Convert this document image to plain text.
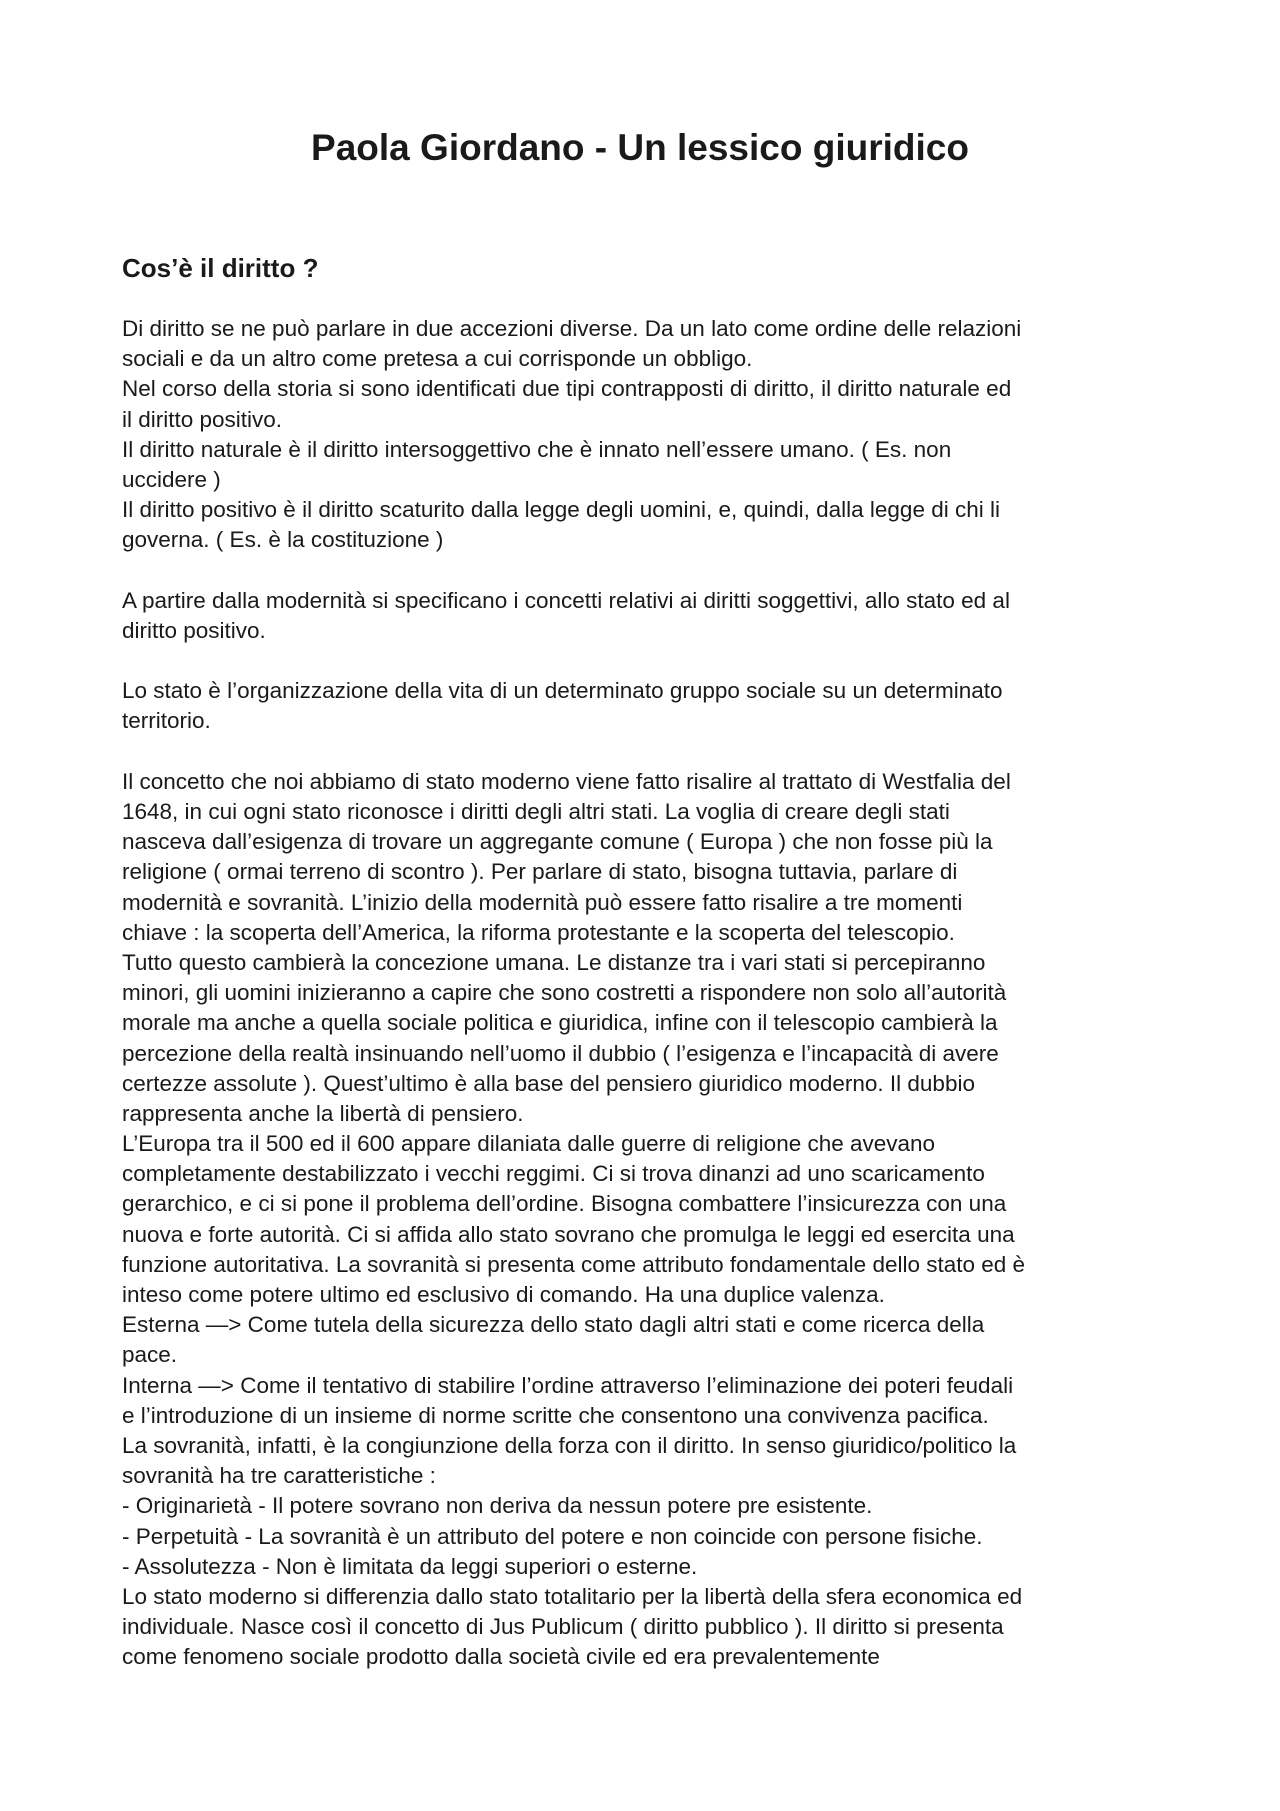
Paola Giordano - Un lessico giuridico
Cos’è il diritto ?
Di diritto se ne può parlare in due accezioni diverse. Da un lato come ordine delle relazioni
sociali e da un altro come pretesa a cui corrisponde un obbligo.
Nel corso della storia si sono identificati due tipi contrapposti di diritto, il diritto naturale ed
il diritto positivo.
Il diritto naturale è il diritto intersoggettivo che è innato nell’essere umano. ( Es. non
uccidere )
Il diritto positivo è il diritto scaturito dalla legge degli uomini, e, quindi, dalla legge di chi li
governa. ( Es. è la costituzione )
A partire dalla modernità si specificano i concetti relativi ai diritti soggettivi, allo stato ed al
diritto positivo.
Lo stato è l’organizzazione della vita di un determinato gruppo sociale su un determinato
territorio.
Il concetto che noi abbiamo di stato moderno viene fatto risalire al trattato di Westfalia del
1648, in cui ogni stato riconosce i diritti degli altri stati. La voglia di creare degli stati
nasceva dall’esigenza di trovare un aggregante comune ( Europa ) che non fosse più la
religione ( ormai terreno di scontro ). Per parlare di stato, bisogna tuttavia, parlare di
modernità e sovranità. L’inizio della modernità può essere fatto risalire a tre momenti
chiave : la scoperta dell’America, la riforma protestante e la scoperta del telescopio.
Tutto questo cambierà la concezione umana. Le distanze tra i vari stati si percepiranno
minori, gli uomini inizieranno a capire che sono costretti a rispondere non solo all’autorità
morale ma anche a quella sociale politica e giuridica, infine con il telescopio cambierà la
percezione della realtà insinuando nell’uomo il dubbio ( l’esigenza e l’incapacità di avere
certezze assolute ). Quest’ultimo è alla base del pensiero giuridico moderno. Il dubbio
rappresenta anche la libertà di pensiero.
L’Europa tra il 500 ed il 600 appare dilaniata dalle guerre di religione che avevano
completamente destabilizzato i vecchi reggimi. Ci si trova dinanzi ad uno scaricamento
gerarchico, e ci si pone il problema dell’ordine. Bisogna combattere l’insicurezza con una
nuova e forte autorità. Ci si affida allo stato sovrano che promulga le leggi ed esercita una
funzione autoritativa. La sovranità si presenta come attributo fondamentale dello stato ed è
inteso come potere ultimo ed esclusivo di comando. Ha una duplice valenza.
Esterna —> Come tutela della sicurezza dello stato dagli altri stati e come ricerca della
pace.
Interna —> Come il tentativo di stabilire l’ordine attraverso l’eliminazione dei poteri feudali
e l’introduzione di un insieme di norme scritte che consentono una convivenza pacifica.
La sovranità, infatti, è la congiunzione della forza con il diritto. In senso giuridico/politico la
sovranità ha tre caratteristiche :
- Originarietà - Il potere sovrano non deriva da nessun potere pre esistente.
- Perpetuità - La sovranità è un attributo del potere e non coincide con persone fisiche.
- Assolutezza - Non è limitata da leggi superiori o esterne.
Lo stato moderno si differenzia dallo stato totalitario per la libertà della sfera economica ed
individuale. Nasce così il concetto di Jus Publicum ( diritto pubblico ). Il diritto si presenta
come fenomeno sociale prodotto dalla società civile ed era prevalentemente
